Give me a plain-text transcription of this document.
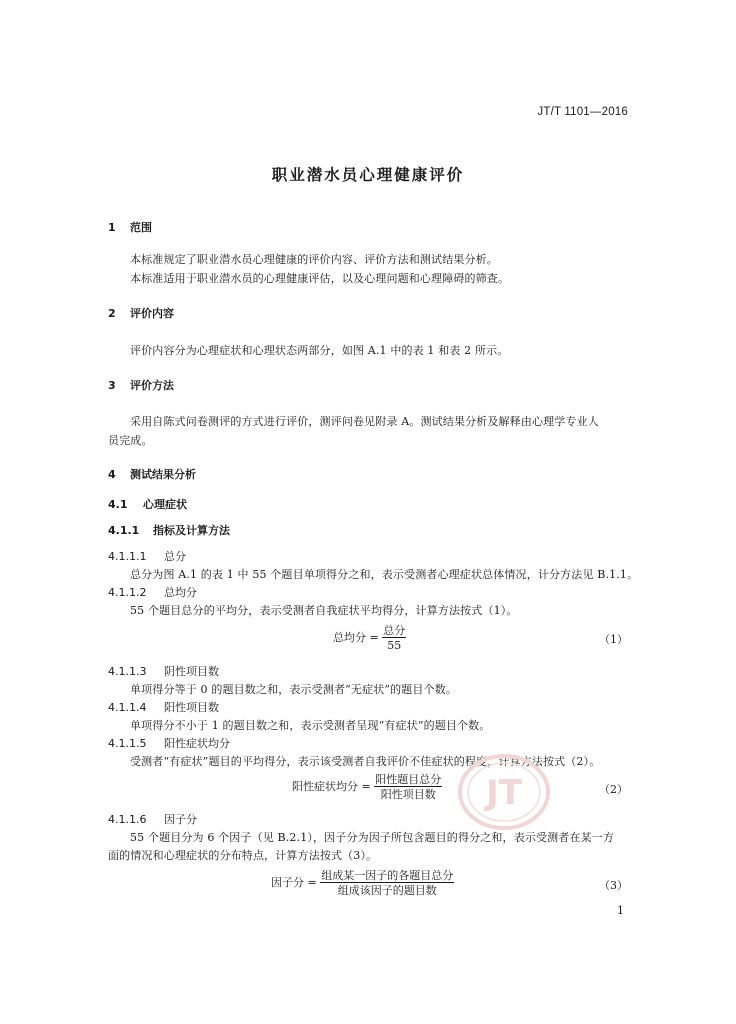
JT/T 1101—2016
职业潜水员心理健康评价
1 范围
本标准规定了职业潜水员心理健康的评价内容、评价方法和测试结果分析。
本标准适用于职业潜水员的心理健康评估，以及心理问题和心理障碍的筛查。
2 评价内容
评价内容分为心理症状和心理状态两部分，如图 A.1 中的表 1 和表 2 所示。
3 评价方法
采用自陈式问卷测评的方式进行评价，测评问卷见附录 A。测试结果分析及解释由心理学专业人
员完成。
4 测试结果分析
4.1 心理症状
4.1.1 指标及计算方法
4.1.1.1 总分
总分为图 A.1 的表 1 中 55 个题目单项得分之和，表示受测者心理症状总体情况，计分方法见 B.1.1。
4.1.1.2 总均分
55 个题目总分的平均分，表示受测者自我症状平均得分，计算方法按式（1）。
总均分 = $\frac{\text{总分}}{55}$	（1）
4.1.1.3 阴性项目数
单项得分等于 0 的题目数之和，表示受测者“无症状”的题目个数。
4.1.1.4 阳性项目数
单项得分不小于 1 的题目数之和，表示受测者呈现“有症状”的题目个数。
4.1.1.5 阳性症状均分
受测者“有症状”题目的平均得分，表示该受测者自我评价不佳症状的程度，计算方法按式（2）。
JT
阳性症状均分 = $\frac{\text{阳性题目总分}}{\text{阳性项目数}}$	（2）
4.1.1.6 因子分
55 个题目分为 6 个因子（见 B.2.1），因子分为因子所包含题目的得分之和，表示受测者在某一方
面的情况和心理症状的分布特点，计算方法按式（3）。
因子分 = $\frac{\text{组成某一因子的各题目总分}}{\text{组成该因子的题目数}}$	（3）
1
